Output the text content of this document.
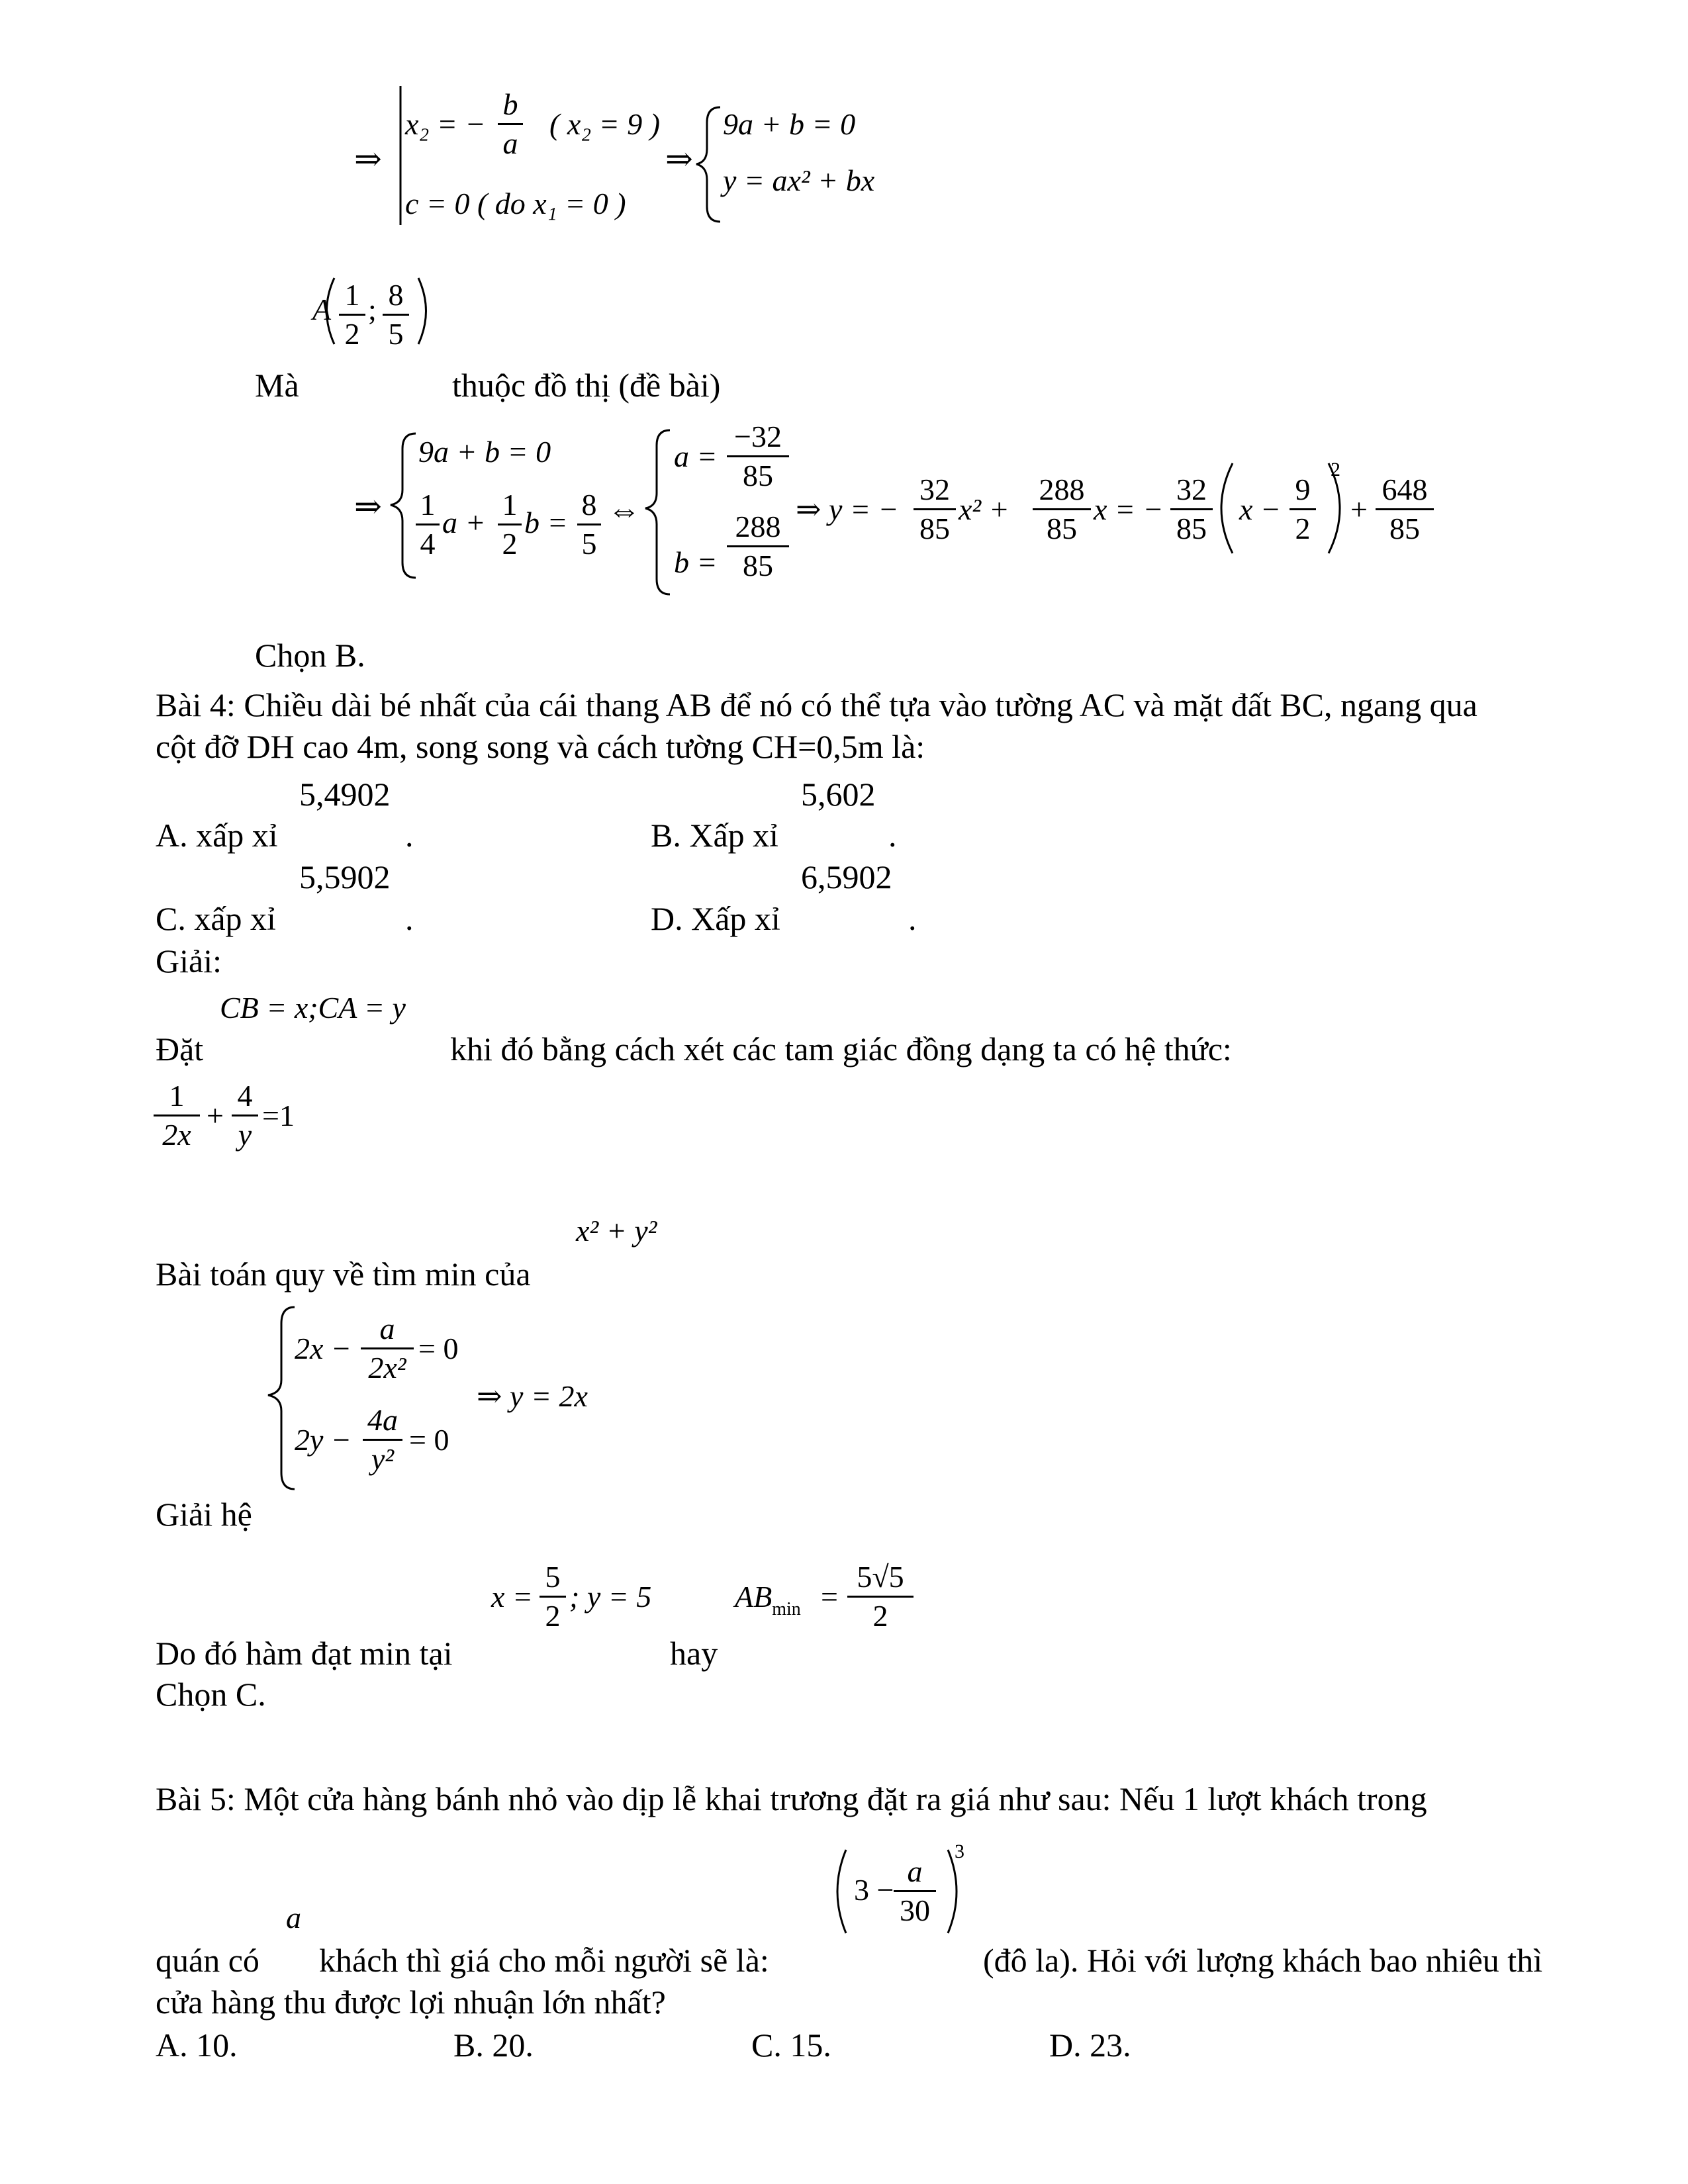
⇒
x₂ = − $\frac{b}{a}$ ( x₂ = 9 )
c = 0 ( do x₁ = 0 )
⇒
9a + b = 0
y = ax² + bx
A $\frac{1}{2}$ ; $\frac{8}{5}$
Mà	thuộc đồ thị (đề bài)
⇒
9a + b = 0
$\frac{1}{4}$ $a + \frac{1}{2}$ $b = \frac{8}{5}$ ⇔
$a = \frac{-32}{85}$
$b = \frac{288}{85}$ ⇒ y = − $\frac{32}{85} x^2 + \frac{288}{85}$ x = − $\frac{32}{85}$ $x - \frac{9}{2}$
2
+ $\frac{648}{85}$
Chọn B.
Bài 4: Chiều dài bé nhất của cái thang AB để nó có thể tựa vào tường AC và mặt đất BC, ngang qua
cột đỡ DH cao 4m, song song và cách tường CH=0,5m là:
5,4902
A. xấp xỉ	.
5,602
B. Xấp xỉ	.
5,5902
C. xấp xỉ	.
6,5902
D. Xấp xỉ	.
Giải:
CB = x;CA = y
Đặt	khi đó bằng cách xét các tam giác đồng dạng ta có hệ thức:
$\frac{1}{2x} + \frac{4}{y} =1$
x² + y²
Bài toán quy về tìm min của
$2x - \frac{a}{\text{2x²}} = 0$
$2y - \frac{4a}{\text{y²}} = 0$
⇒ y = 2x
Giải hệ
$x = \frac{5}{2}$ ; y = 5	$AB_{min} = \frac{5√5}{2}$
Do đó hàm đạt min tại	hay
Chọn C.
Bài 5: Một cửa hàng bánh nhỏ vào dịp lễ khai trương đặt ra giá như sau: Nếu 1 lượt khách trong
$3 - \frac{a}{30}$
3
a
quán có khách thì giá cho mỗi người sẽ là:	(đô la). Hỏi với lượng khách bao nhiêu thì
cửa hàng thu được lợi nhuận lớn nhất?
A. 10.	B. 20.	C. 15.	D. 23.
